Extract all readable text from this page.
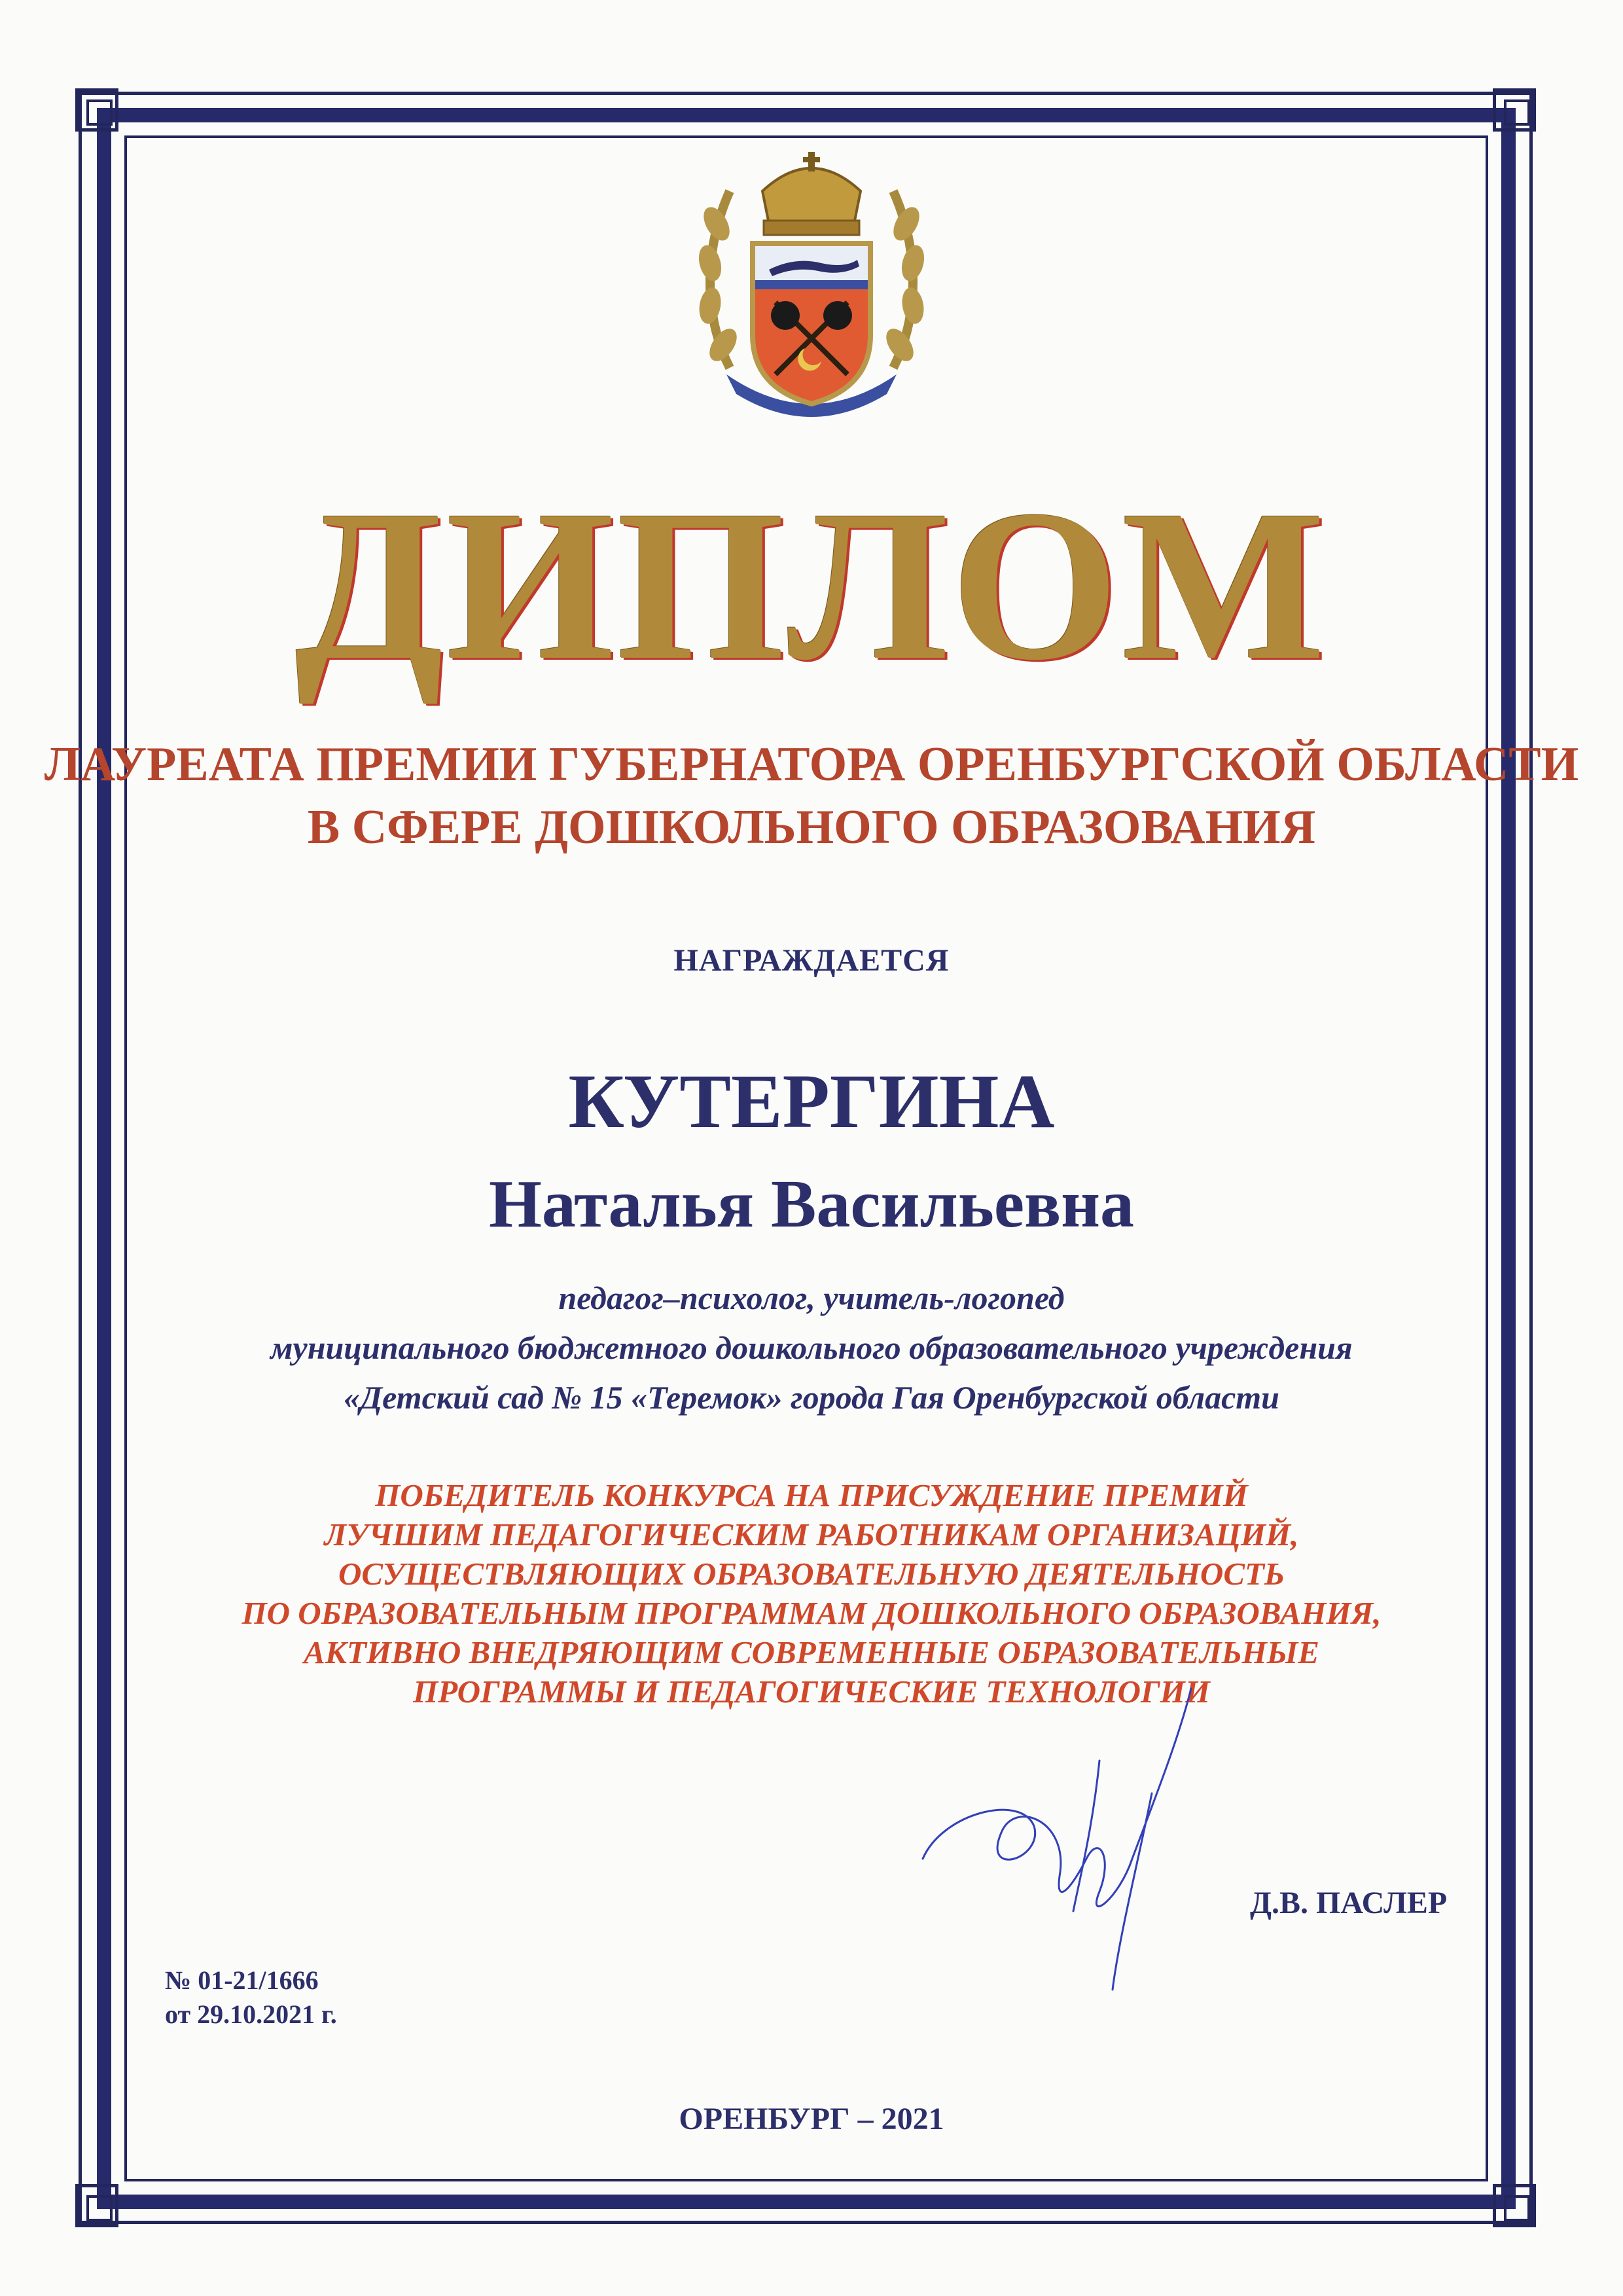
ДИПЛОМ
ЛАУРЕАТА ПРЕМИИ ГУБЕРНАТОРА ОРЕНБУРГСКОЙ ОБЛАСТИ
В СФЕРЕ ДОШКОЛЬНОГО ОБРАЗОВАНИЯ
НАГРАЖДАЕТСЯ
КУТЕРГИНА
Наталья Васильевна
педагог–психолог, учитель-логопед
муниципального бюджетного дошкольного образовательного учреждения
«Детский сад № 15 «Теремок» города Гая Оренбургской области
ПОБЕДИТЕЛЬ КОНКУРСА НА ПРИСУЖДЕНИЕ ПРЕМИЙ
ЛУЧШИМ ПЕДАГОГИЧЕСКИМ РАБОТНИКАМ ОРГАНИЗАЦИЙ,
ОСУЩЕСТВЛЯЮЩИХ ОБРАЗОВАТЕЛЬНУЮ ДЕЯТЕЛЬНОСТЬ
ПО ОБРАЗОВАТЕЛЬНЫМ ПРОГРАММАМ ДОШКОЛЬНОГО ОБРАЗОВАНИЯ,
АКТИВНО ВНЕДРЯЮЩИМ СОВРЕМЕННЫЕ ОБРАЗОВАТЕЛЬНЫЕ
ПРОГРАММЫ И ПЕДАГОГИЧЕСКИЕ ТЕХНОЛОГИИ
Д.В. ПАСЛЕР
№ 01-21/1666
от 29.10.2021 г.
ОРЕНБУРГ – 2021
